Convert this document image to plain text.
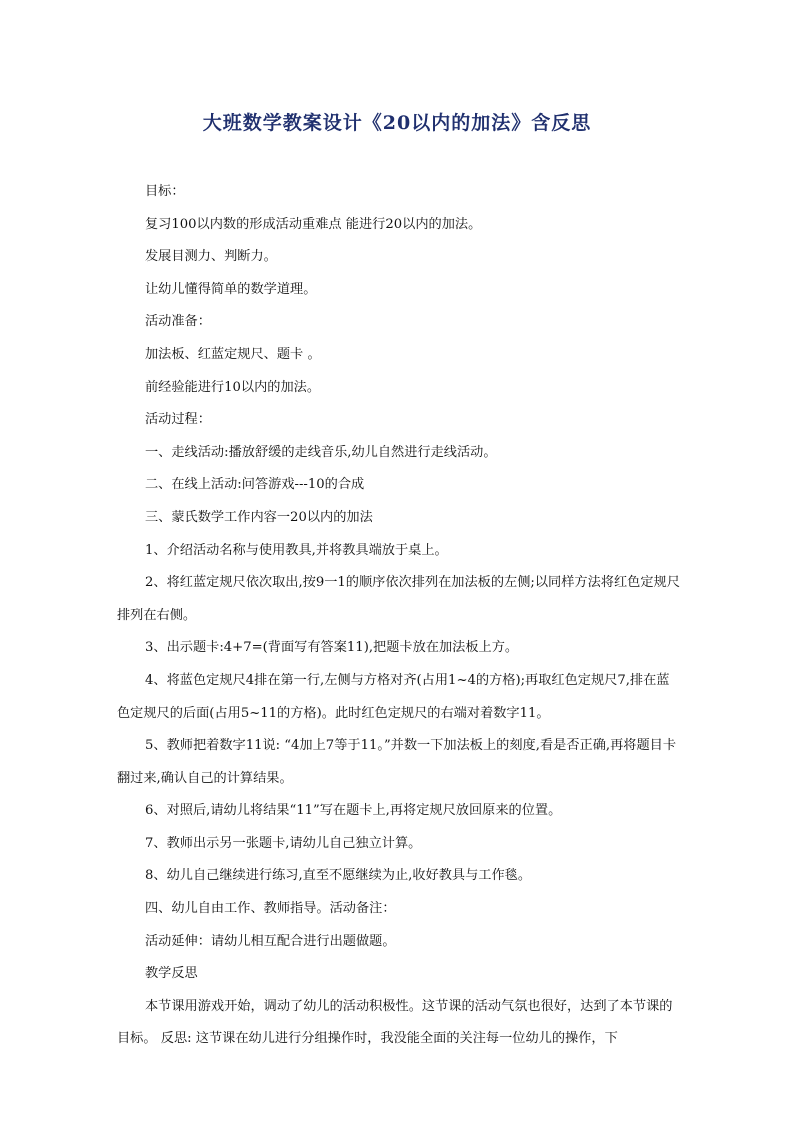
大班数学教案设计《20以内的加法》含反思

目标：

复习100以内数的形成活动重难点 能进行20以内的加法。

发展目测力、判断力。

让幼儿懂得简单的数学道理。

活动准备：

加法板、红蓝定规尺、题卡 。

前经验能进行10以内的加法。

活动过程：

一、走线活动:播放舒缓的走线音乐,幼儿自然进行走线活动。

二、在线上活动:问答游戏---10的合成

三、蒙氏数学工作内容一20以内的加法

1、介绍活动名称与使用教具,并将教具端放于桌上。

2、将红蓝定规尺依次取出,按9一1的顺序依次排列在加法板的左侧;以同样方法将红色定规尺排列在右侧。

3、出示题卡:4+7=(背面写有答案11),把题卡放在加法板上方。

4、将蓝色定规尺4排在第一行,左侧与方格对齐(占用1~4的方格);再取红色定规尺7,排在蓝色定规尺的后面(占用5~11的方格)。此时红色定规尺的右端对着数字11。

5、教师把着数字11说: “4加上7等于11。”并数一下加法板上的刻度,看是否正确,再将题目卡翻过来,确认自己的计算结果。

6、对照后,请幼儿将结果“11”写在题卡上,再将定规尺放回原来的位置。

7、教师出示另一张题卡,请幼儿自己独立计算。

8、幼儿自己继续进行练习,直至不愿继续为止,收好教具与工作毯。

四、幼儿自由工作、教师指导。活动备注：

活动延伸：请幼儿相互配合进行出题做题。

教学反思

本节课用游戏开始，调动了幼儿的活动积极性。这节课的活动气氛也很好，达到了本节课的目标。 反思: 这节课在幼儿进行分组操作时，我没能全面的关注每一位幼儿的操作，下
